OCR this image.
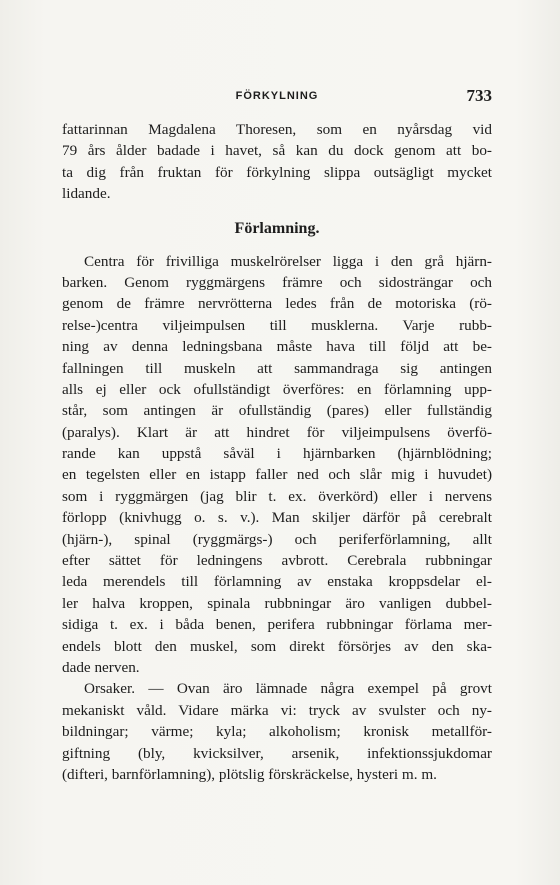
FÖRKYLNING	733
fattarinnan Magdalena Thoresen, som en nyårsdag vid
79 års ålder badade i havet, så kan du dock genom att bo-
ta dig från fruktan för förkylning slippa outsägligt mycket
lidande.
Förlamning.
Centra för frivilliga muskelrörelser ligga i den grå hjärn-
barken. Genom ryggmärgens främre och sidosträngar och
genom de främre nervrötterna ledes från de motoriska (rö-
relse-)centra viljeimpulsen till musklerna. Varje rubb-
ning av denna ledningsbana måste hava till följd att be-
fallningen till muskeln att sammandraga sig antingen
alls ej eller ock ofullständigt överföres: en förlamning upp-
står, som antingen är ofullständig (pares) eller fullständig
(paralys). Klart är att hindret för viljeimpulsens överfö-
rande kan uppstå såväl i hjärnbarken (hjärnblödning;
en tegelsten eller en istapp faller ned och slår mig i huvudet)
som i ryggmärgen (jag blir t. ex. överkörd) eller i nervens
förlopp (knivhugg o. s. v.). Man skiljer därför på cerebralt
(hjärn-), spinal (ryggmärgs-) och periferförlamning, allt
efter sättet för ledningens avbrott. Cerebrala rubbningar
leda merendels till förlamning av enstaka kroppsdelar el-
ler halva kroppen, spinala rubbningar äro vanligen dubbel-
sidiga t. ex. i båda benen, perifera rubbningar förlama mer-
endels blott den muskel, som direkt försörjes av den ska-
dade nerven.
Orsaker. — Ovan äro lämnade några exempel på grovt
mekaniskt våld. Vidare märka vi: tryck av svulster och ny-
bildningar; värme; kyla; alkoholism; kronisk metallför-
giftning (bly, kvicksilver, arsenik, infektionssjukdomar
(difteri, barnförlamning), plötslig förskräckelse, hysteri m. m.
